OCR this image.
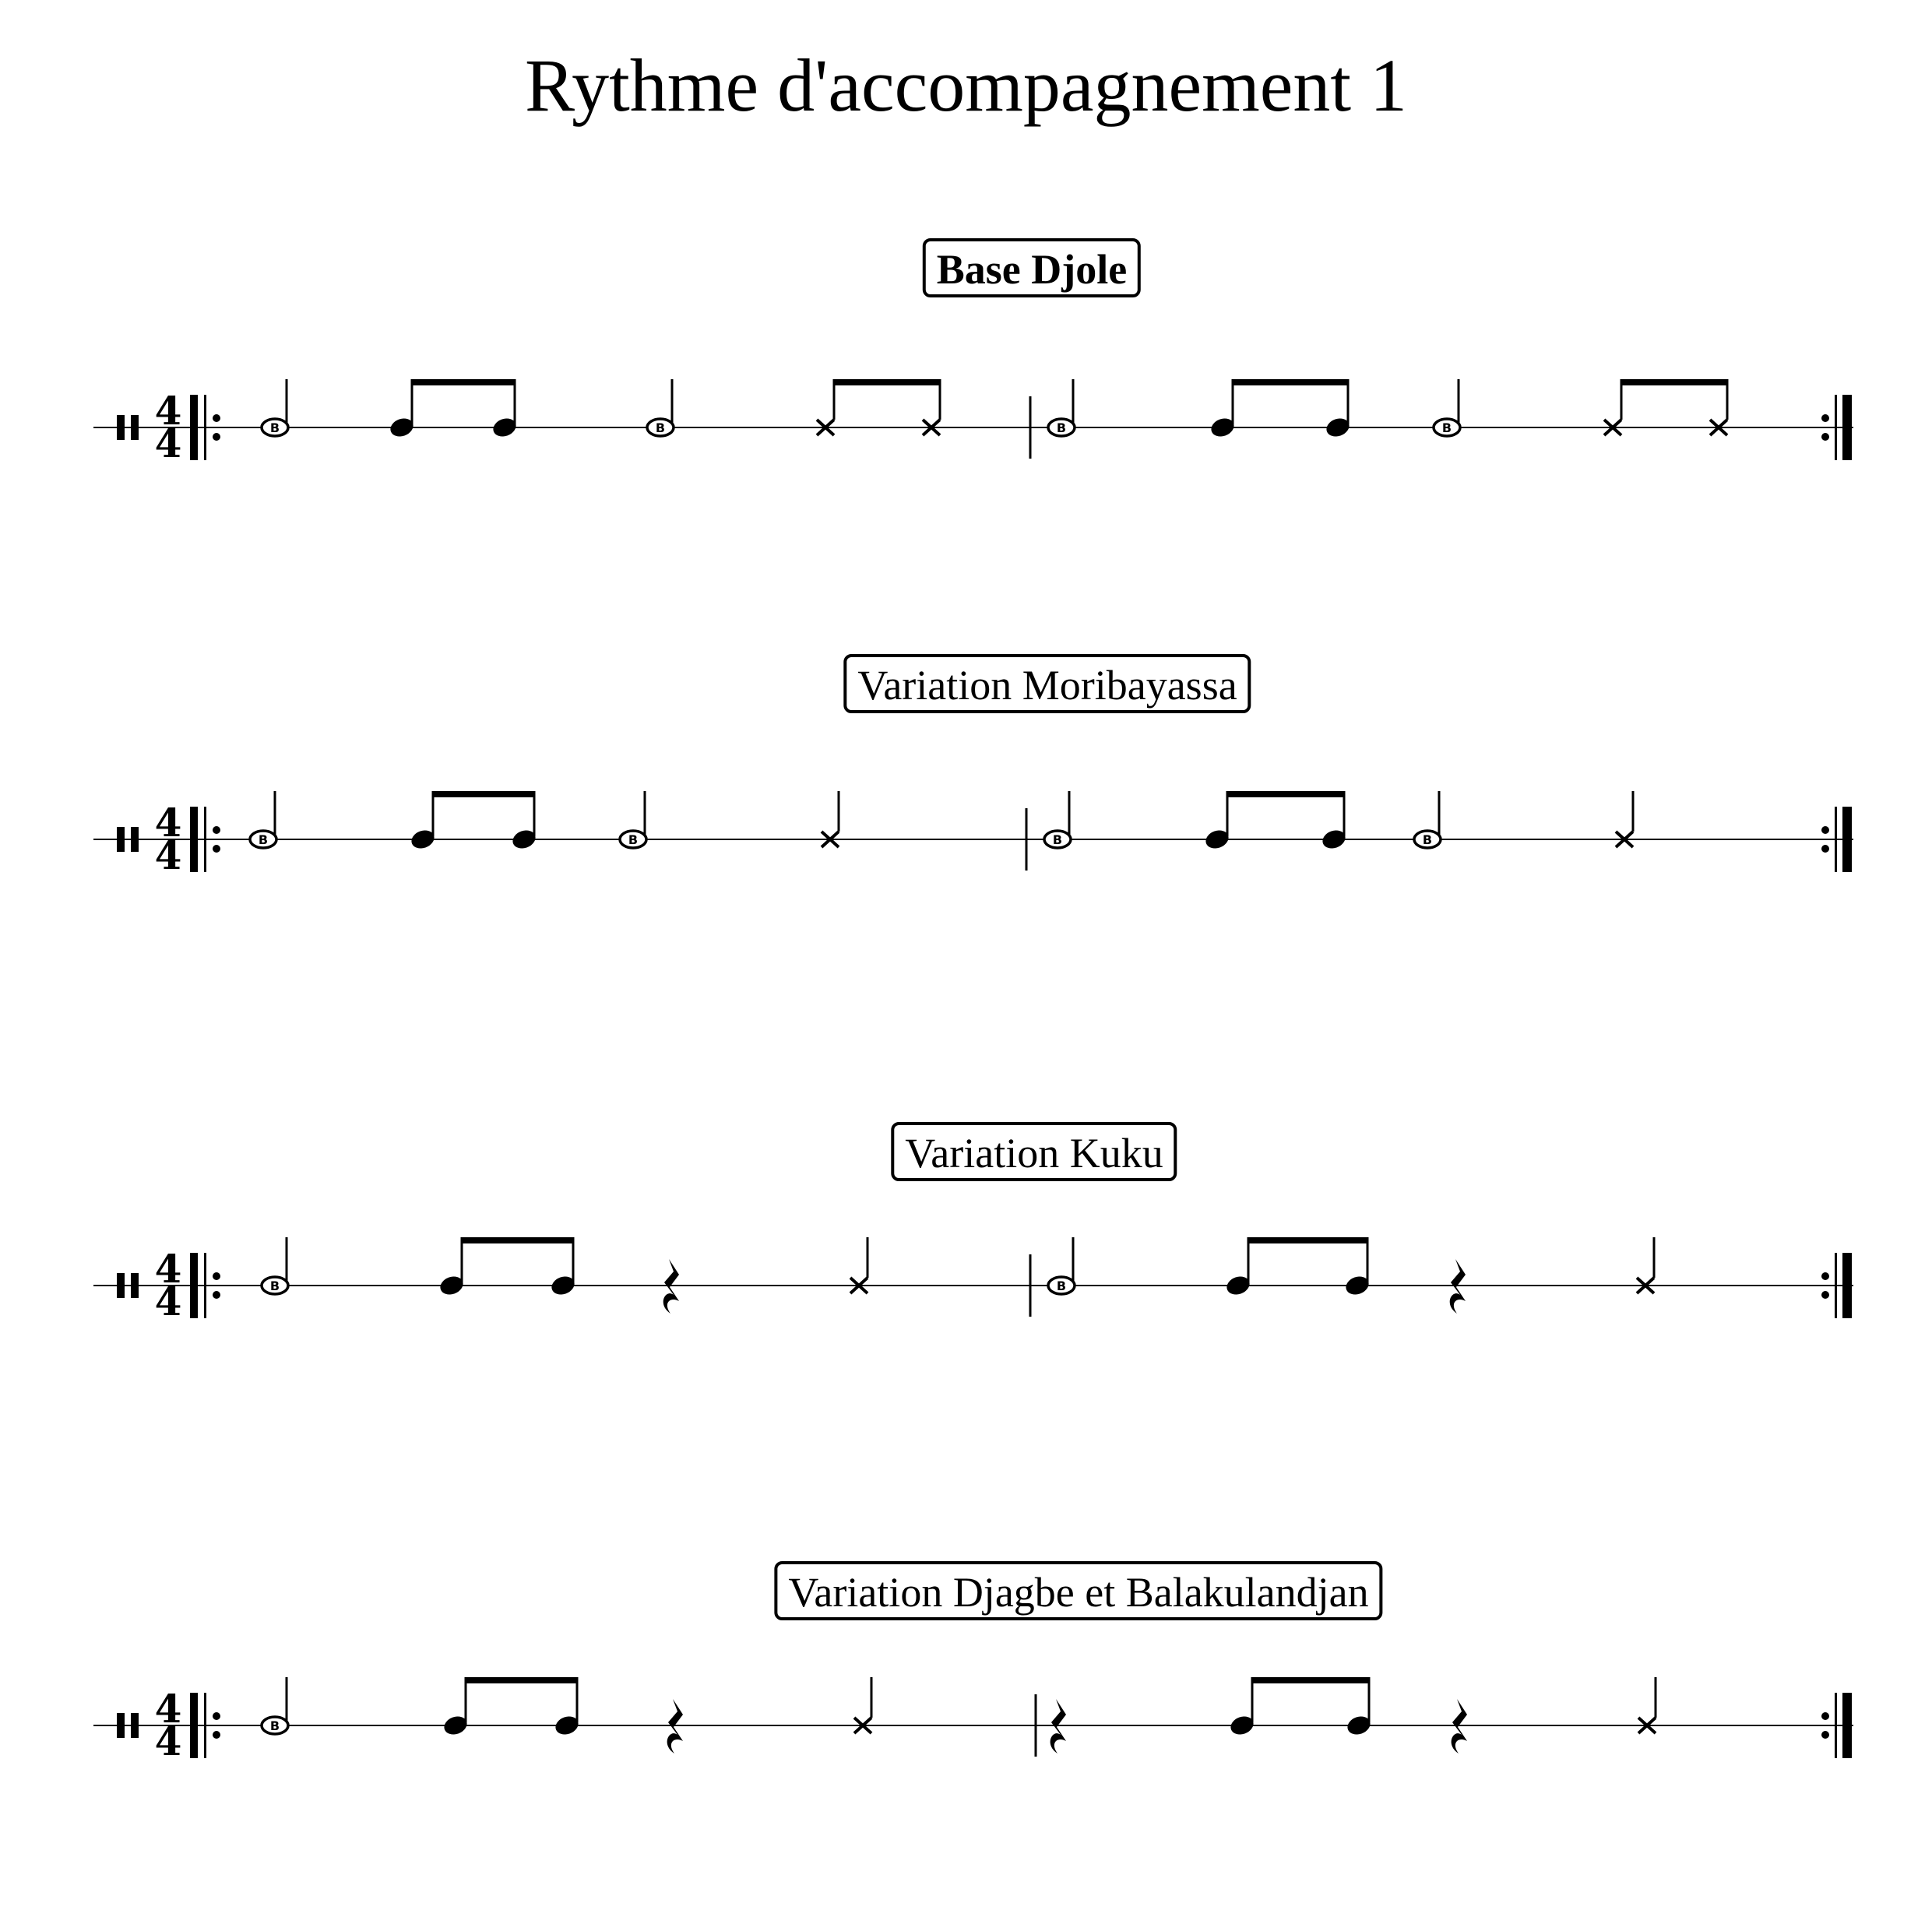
Rythme d'accompagnement 1
Base Djole
Variation Moribayassa
Variation Kuku
Variation Djagbe et Balakulandjan
4
4	B	B	B	B
4
4	B	B	B	B
4
4	B	B
4
4	B
